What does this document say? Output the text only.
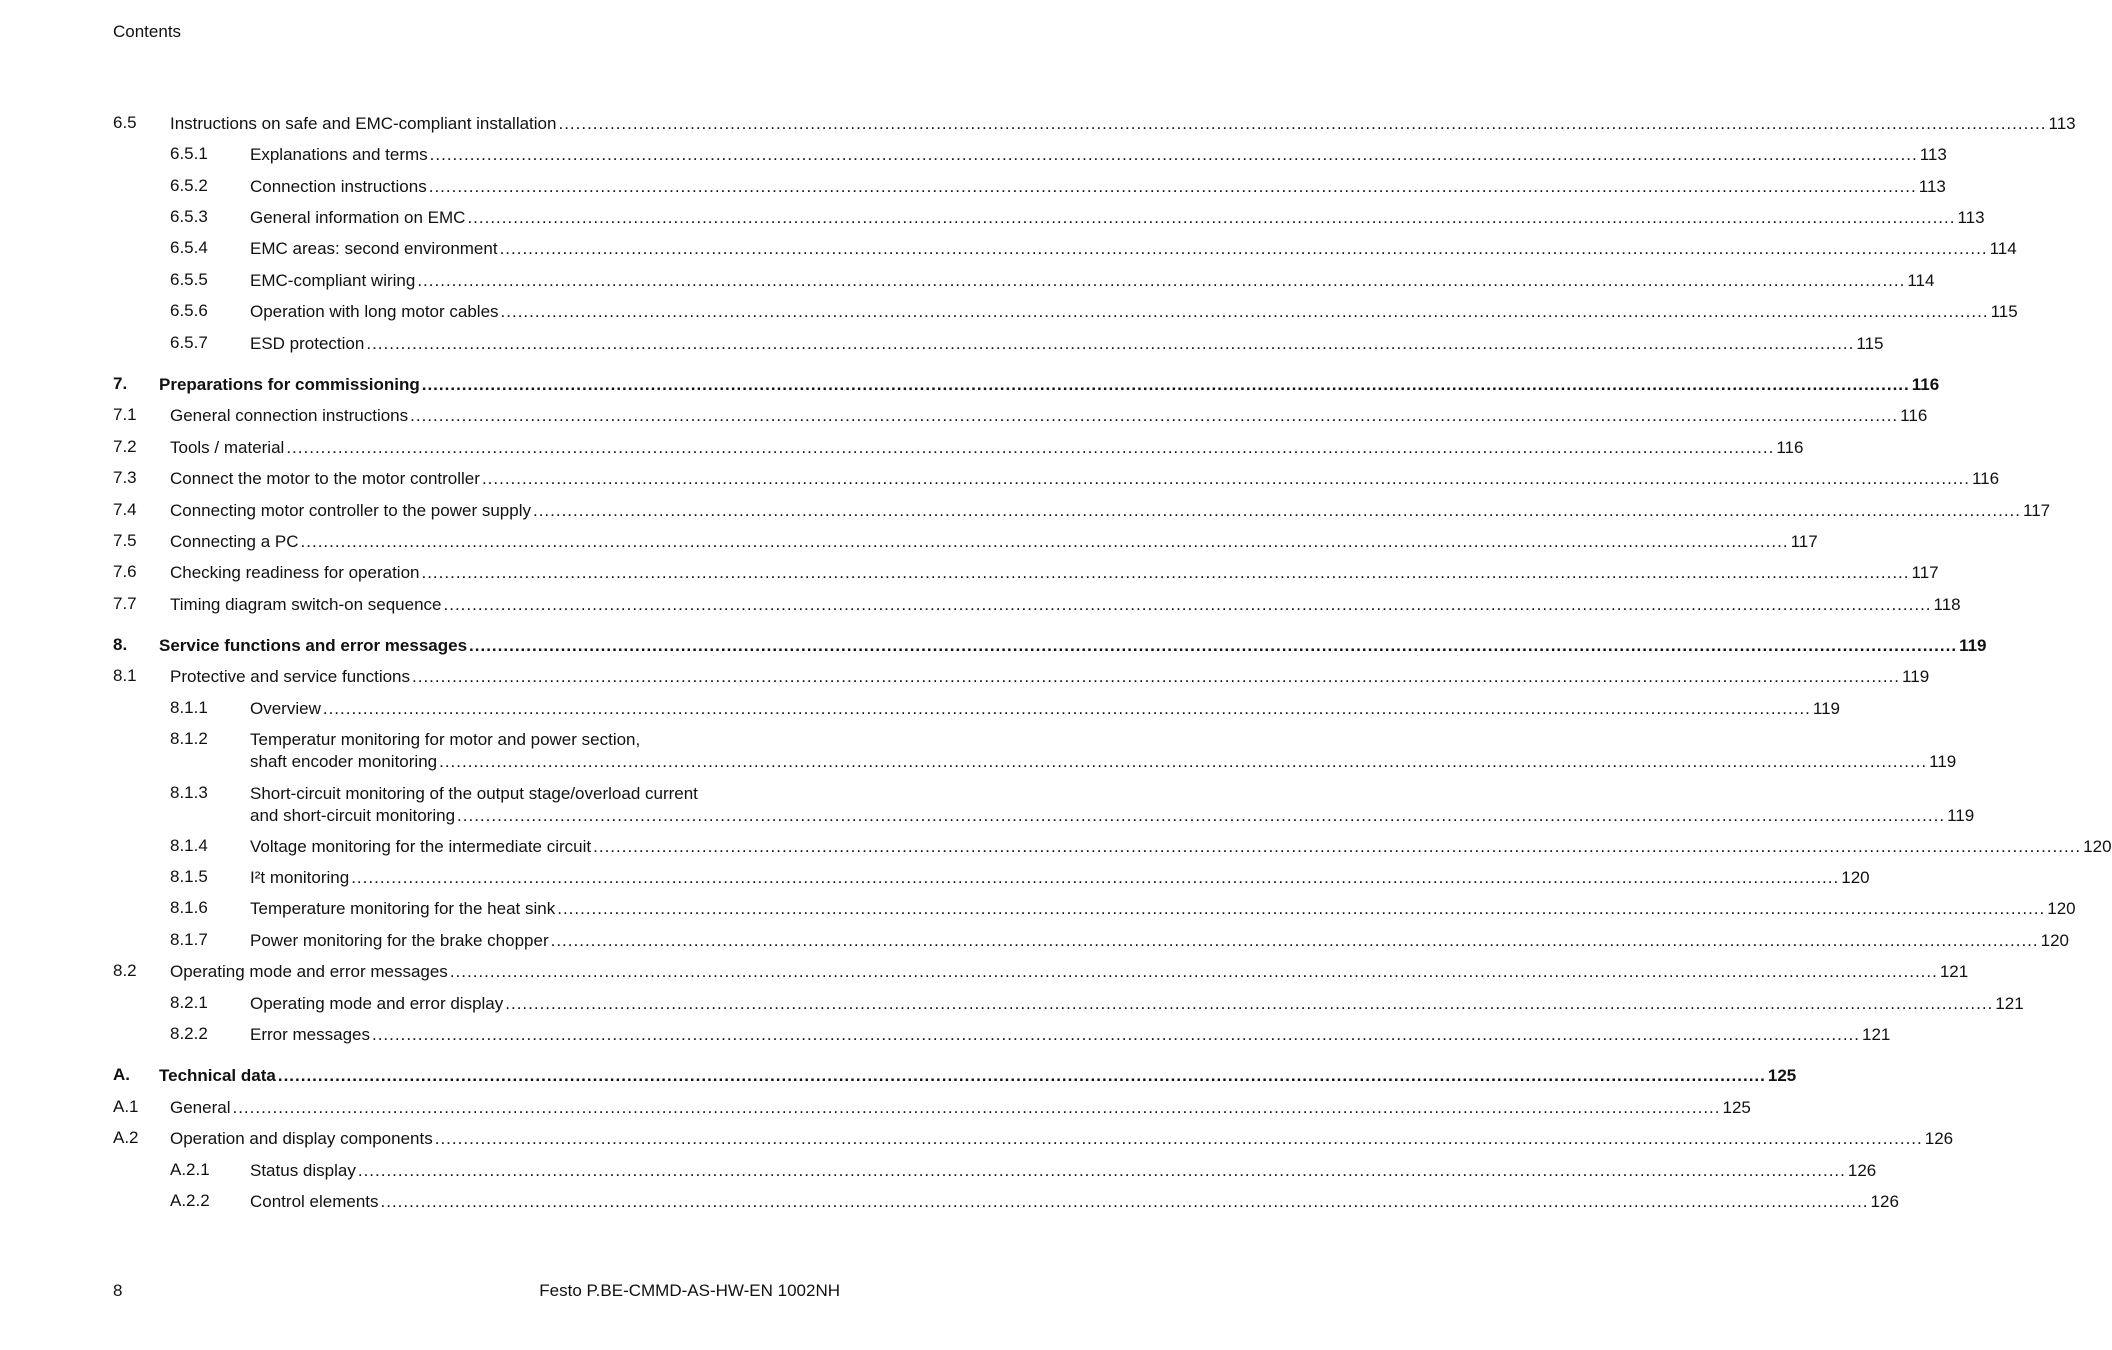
Contents
6.5 Instructions on safe and EMC-compliant installation .................................................................................................................................................................................................................................................................... 113
6.5.1 Explanations and terms .................................................................................................................................................................................................................................................................... 113
6.5.2 Connection instructions .................................................................................................................................................................................................................................................................... 113
6.5.3 General information on EMC .................................................................................................................................................................................................................................................................... 113
6.5.4 EMC areas: second environment .................................................................................................................................................................................................................................................................... 114
6.5.5 EMC-compliant wiring .................................................................................................................................................................................................................................................................... 114
6.5.6 Operation with long motor cables .................................................................................................................................................................................................................................................................... 115
6.5.7 ESD protection .................................................................................................................................................................................................................................................................... 115
7. Preparations for commissioning .................................................................................................................................................................................................................................................................... 116
7.1 General connection instructions .................................................................................................................................................................................................................................................................... 116
7.2 Tools / material .................................................................................................................................................................................................................................................................... 116
7.3 Connect the motor to the motor controller .................................................................................................................................................................................................................................................................... 116
7.4 Connecting motor controller to the power supply .................................................................................................................................................................................................................................................................... 117
7.5 Connecting a PC .................................................................................................................................................................................................................................................................... 117
7.6 Checking readiness for operation .................................................................................................................................................................................................................................................................... 117
7.7 Timing diagram switch-on sequence .................................................................................................................................................................................................................................................................... 118
8. Service functions and error messages .................................................................................................................................................................................................................................................................... 119
8.1 Protective and service functions .................................................................................................................................................................................................................................................................... 119
8.1.1 Overview .................................................................................................................................................................................................................................................................... 119
8.1.2 Temperatur monitoring for motor and power section,
shaft encoder monitoring .................................................................................................................................................................................................................................................................... 119
8.1.3 Short-circuit monitoring of the output stage/overload current
and short-circuit monitoring .................................................................................................................................................................................................................................................................... 119
8.1.4 Voltage monitoring for the intermediate circuit .................................................................................................................................................................................................................................................................... 120
8.1.5 I²t monitoring .................................................................................................................................................................................................................................................................... 120
8.1.6 Temperature monitoring for the heat sink .................................................................................................................................................................................................................................................................... 120
8.1.7 Power monitoring for the brake chopper .................................................................................................................................................................................................................................................................... 120
8.2 Operating mode and error messages .................................................................................................................................................................................................................................................................... 121
8.2.1 Operating mode and error display .................................................................................................................................................................................................................................................................... 121
8.2.2 Error messages .................................................................................................................................................................................................................................................................... 121
A. Technical data .................................................................................................................................................................................................................................................................... 125
A.1 General .................................................................................................................................................................................................................................................................... 125
A.2 Operation and display components .................................................................................................................................................................................................................................................................... 126
A.2.1 Status display .................................................................................................................................................................................................................................................................... 126
A.2.2 Control elements .................................................................................................................................................................................................................................................................... 126
8	Festo P.BE-CMMD-AS-HW-EN 1002NH
